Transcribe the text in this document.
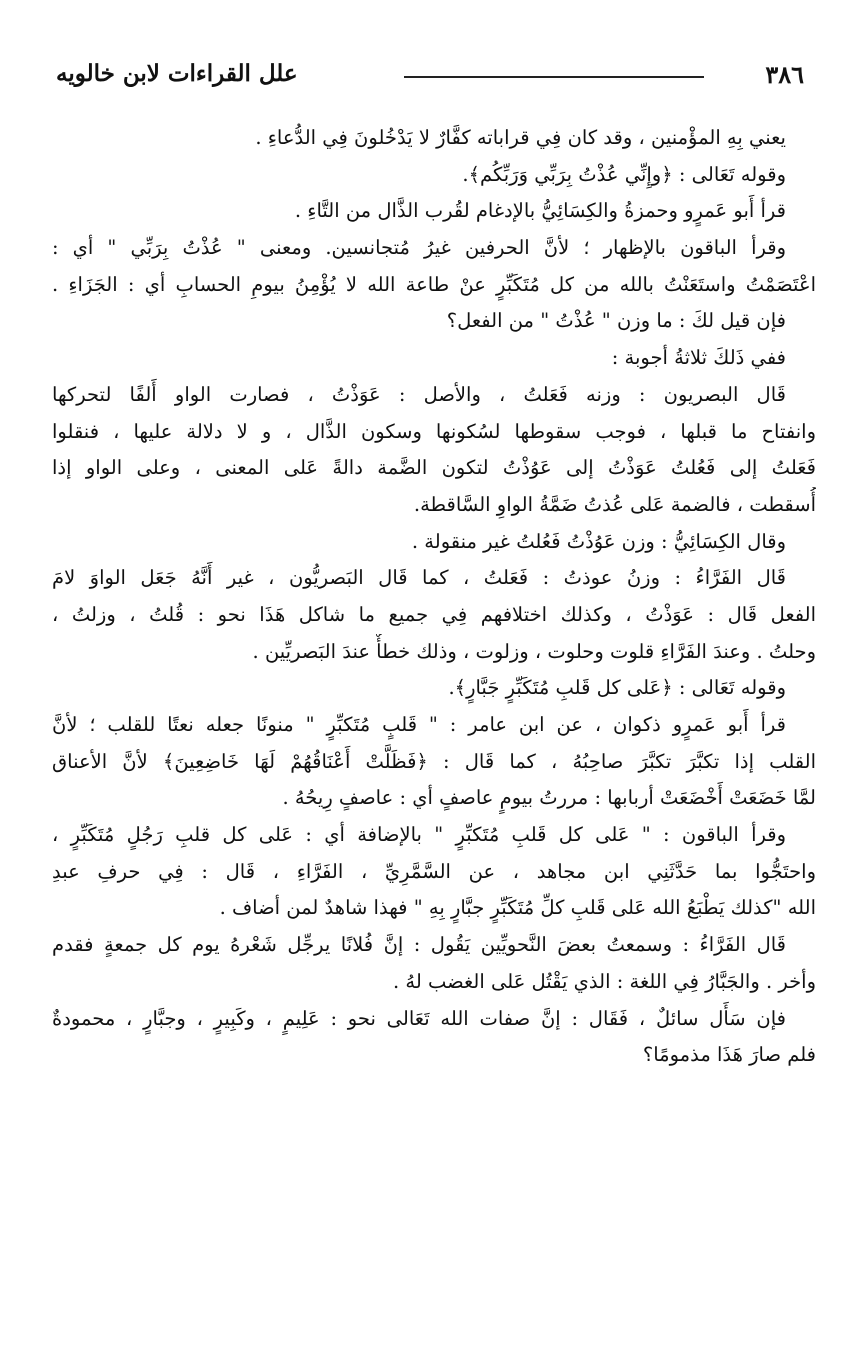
٣٨٦
علل القراءات لابن خالويه
يعني بِهِ المؤْمنين ، وقد كان فِي قراباته كفَّارٌ لا يَدْخُلونَ فِي الدُّعاءِ .
وقوله تَعَالى : ﴿وإِنِّي عُذْتُ بِرَبِّي وَرَبِّكُم﴾.
قرأ أَبو عَمرٍو وحمزةُ والكِسَائِيُّ بالإدغام لقُرب الذَّال من التَّاءِ .
وقرأ الباقون بالإظهار ؛ لأنَّ الحرفين غيرُ مُتجانسين. ومعنى " عُذْتُ بِرَبِّي " أي :
اعْتَصَمْتُ واستَعَنْتُ بالله من كل مُتَكَبِّرٍ عنْ طاعة الله لا يُؤْمِنُ بيومِ الحسابِ أي : الجَزَاءِ .
فإن قيل لكَ : ما وزن " عُذْتُ " من الفعل؟
ففي ذَلكَ ثلاثةُ أجوبة :
قَال البصريون : وزنه فَعَلتُ ، والأصل : عَوَذْتُ ، فصارت الواو أَلفًا لتحركها
وانفتاح ما قبلها ، فوجب سقوطها لسُكونها وسكون الذَّال ، و لا دلالة عليها ، فنقلوا
فَعَلتُ إلى فَعُلتُ عَوَذْتُ إلى عَوُذْتُ لتكون الضَّمة دالةً عَلى المعنى ، وعلى الواو إذا
أُسقطت ، فالضمة عَلى عُذتُ ضَمَّةُ الواوِ السَّاقطة.
وقال الكِسَائِيُّ : وزن عَوُذْتُ فَعُلتُ غير منقولة .
قَال الفَرَّاءُ : وزنُ عوذتُ : فَعَلتُ ، كما قَال البَصريُّون ، غير أَنَّهُ جَعَل الواوَ لامَ
الفعل قَال : عَوَذْتُ ، وكذلك اختلافهم فِي جميع ما شاكل هَذَا نحو : قُلتُ ، وزلتُ ،
وحلتُ . وعندَ الفَرَّاءِ قلوت وحلوت ، وزلوت ، وذلك خطأٌ عندَ البَصريِّين .
وقوله تَعَالى : ﴿عَلى كل قَلبِ مُتَكَبِّرٍ جَبَّارٍ﴾.
قرأ أَبو عَمرٍو ذكوان ، عن ابن عامر : " قَلبٍ مُتَكبِّرٍ " منونًا جعله نعتًا للقلب ؛ لأنَّ
القلب إذا تكبَّرَ تكبَّرَ صاحِبُهُ ، كما قَال : ﴿فَظَلَّتْ أَعْنَاقُهُمْ لَهَا خَاضِعِينَ﴾ لأنَّ الأعناق
لمَّا خَضَعَتْ أَخْضَعَتْ أربابها : مررتُ بيومٍ عاصفٍ أي : عاصفٍ رِيحُهُ .
وقرأ الباقون : " عَلى كل قَلبِ مُتَكبِّرٍ " بالإضافة أي : عَلى كل قلبِ رَجُلٍ مُتَكَبِّرٍ ،
واحتَجُّوا بما حَدَّثَنِي ابن مجاهد ، عن السَّمَّرِيِّ ، الفَرَّاءِ ، قَال : فِي حرفِ عبدِ
الله "كذلك يَطْبَعُ الله عَلى قَلبِ كلِّ مُتَكَبِّرٍ جبَّارٍ بِهِ " فهذا شاهدٌ لمن أضاف .
قَال الفَرَّاءُ : وسمعتُ بعضَ النَّحويِّين يَقُول : إنَّ فُلانًا يرجِّل شَعْرهُ يوم كل جمعةٍ فقدم
وأخر . والجَبَّارُ فِي اللغة : الذي يَقْتُل عَلى الغضب لهُ .
فإن سَأَل سائلٌ ، فَقَال : إنَّ صفات الله تَعَالى نحو : عَلِيمٍ ، وكَبِيرٍ ، وجبَّارٍ ، محمودةٌ
فلم صارَ هَذَا مذمومًا؟
